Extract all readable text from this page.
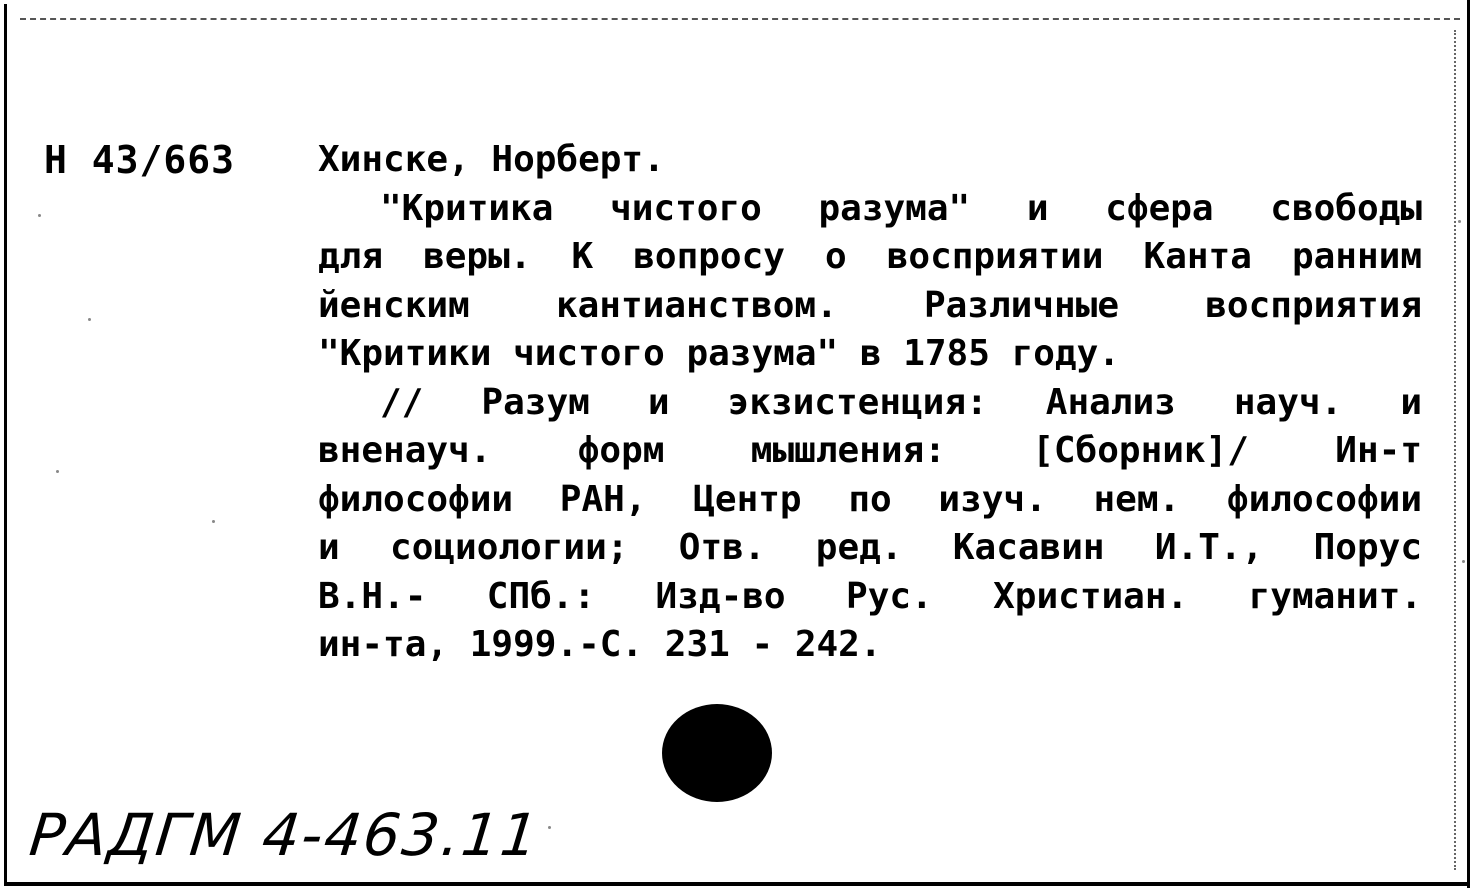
Н 43/663 Хинске, Норберт.
"Критика чистого разума" и сфера свободы
для веры. К вопросу о восприятии Канта ранним
йенским кантианством. Различные восприятия
"Критики чистого разума" в 1785 году.
// Разум и экзистенция: Анализ науч. и
вненауч. форм мышления: [Сборник]/ Ин-т
философии РАН, Центр по изуч. нем. философии
и социологии; Отв. ред. Касавин И.Т., Порус
В.Н.- СПб.: Изд-во Рус. Христиан. гуманит.
ин-та, 1999.-С. 231 - 242.
РАДГМ 4-463.11
